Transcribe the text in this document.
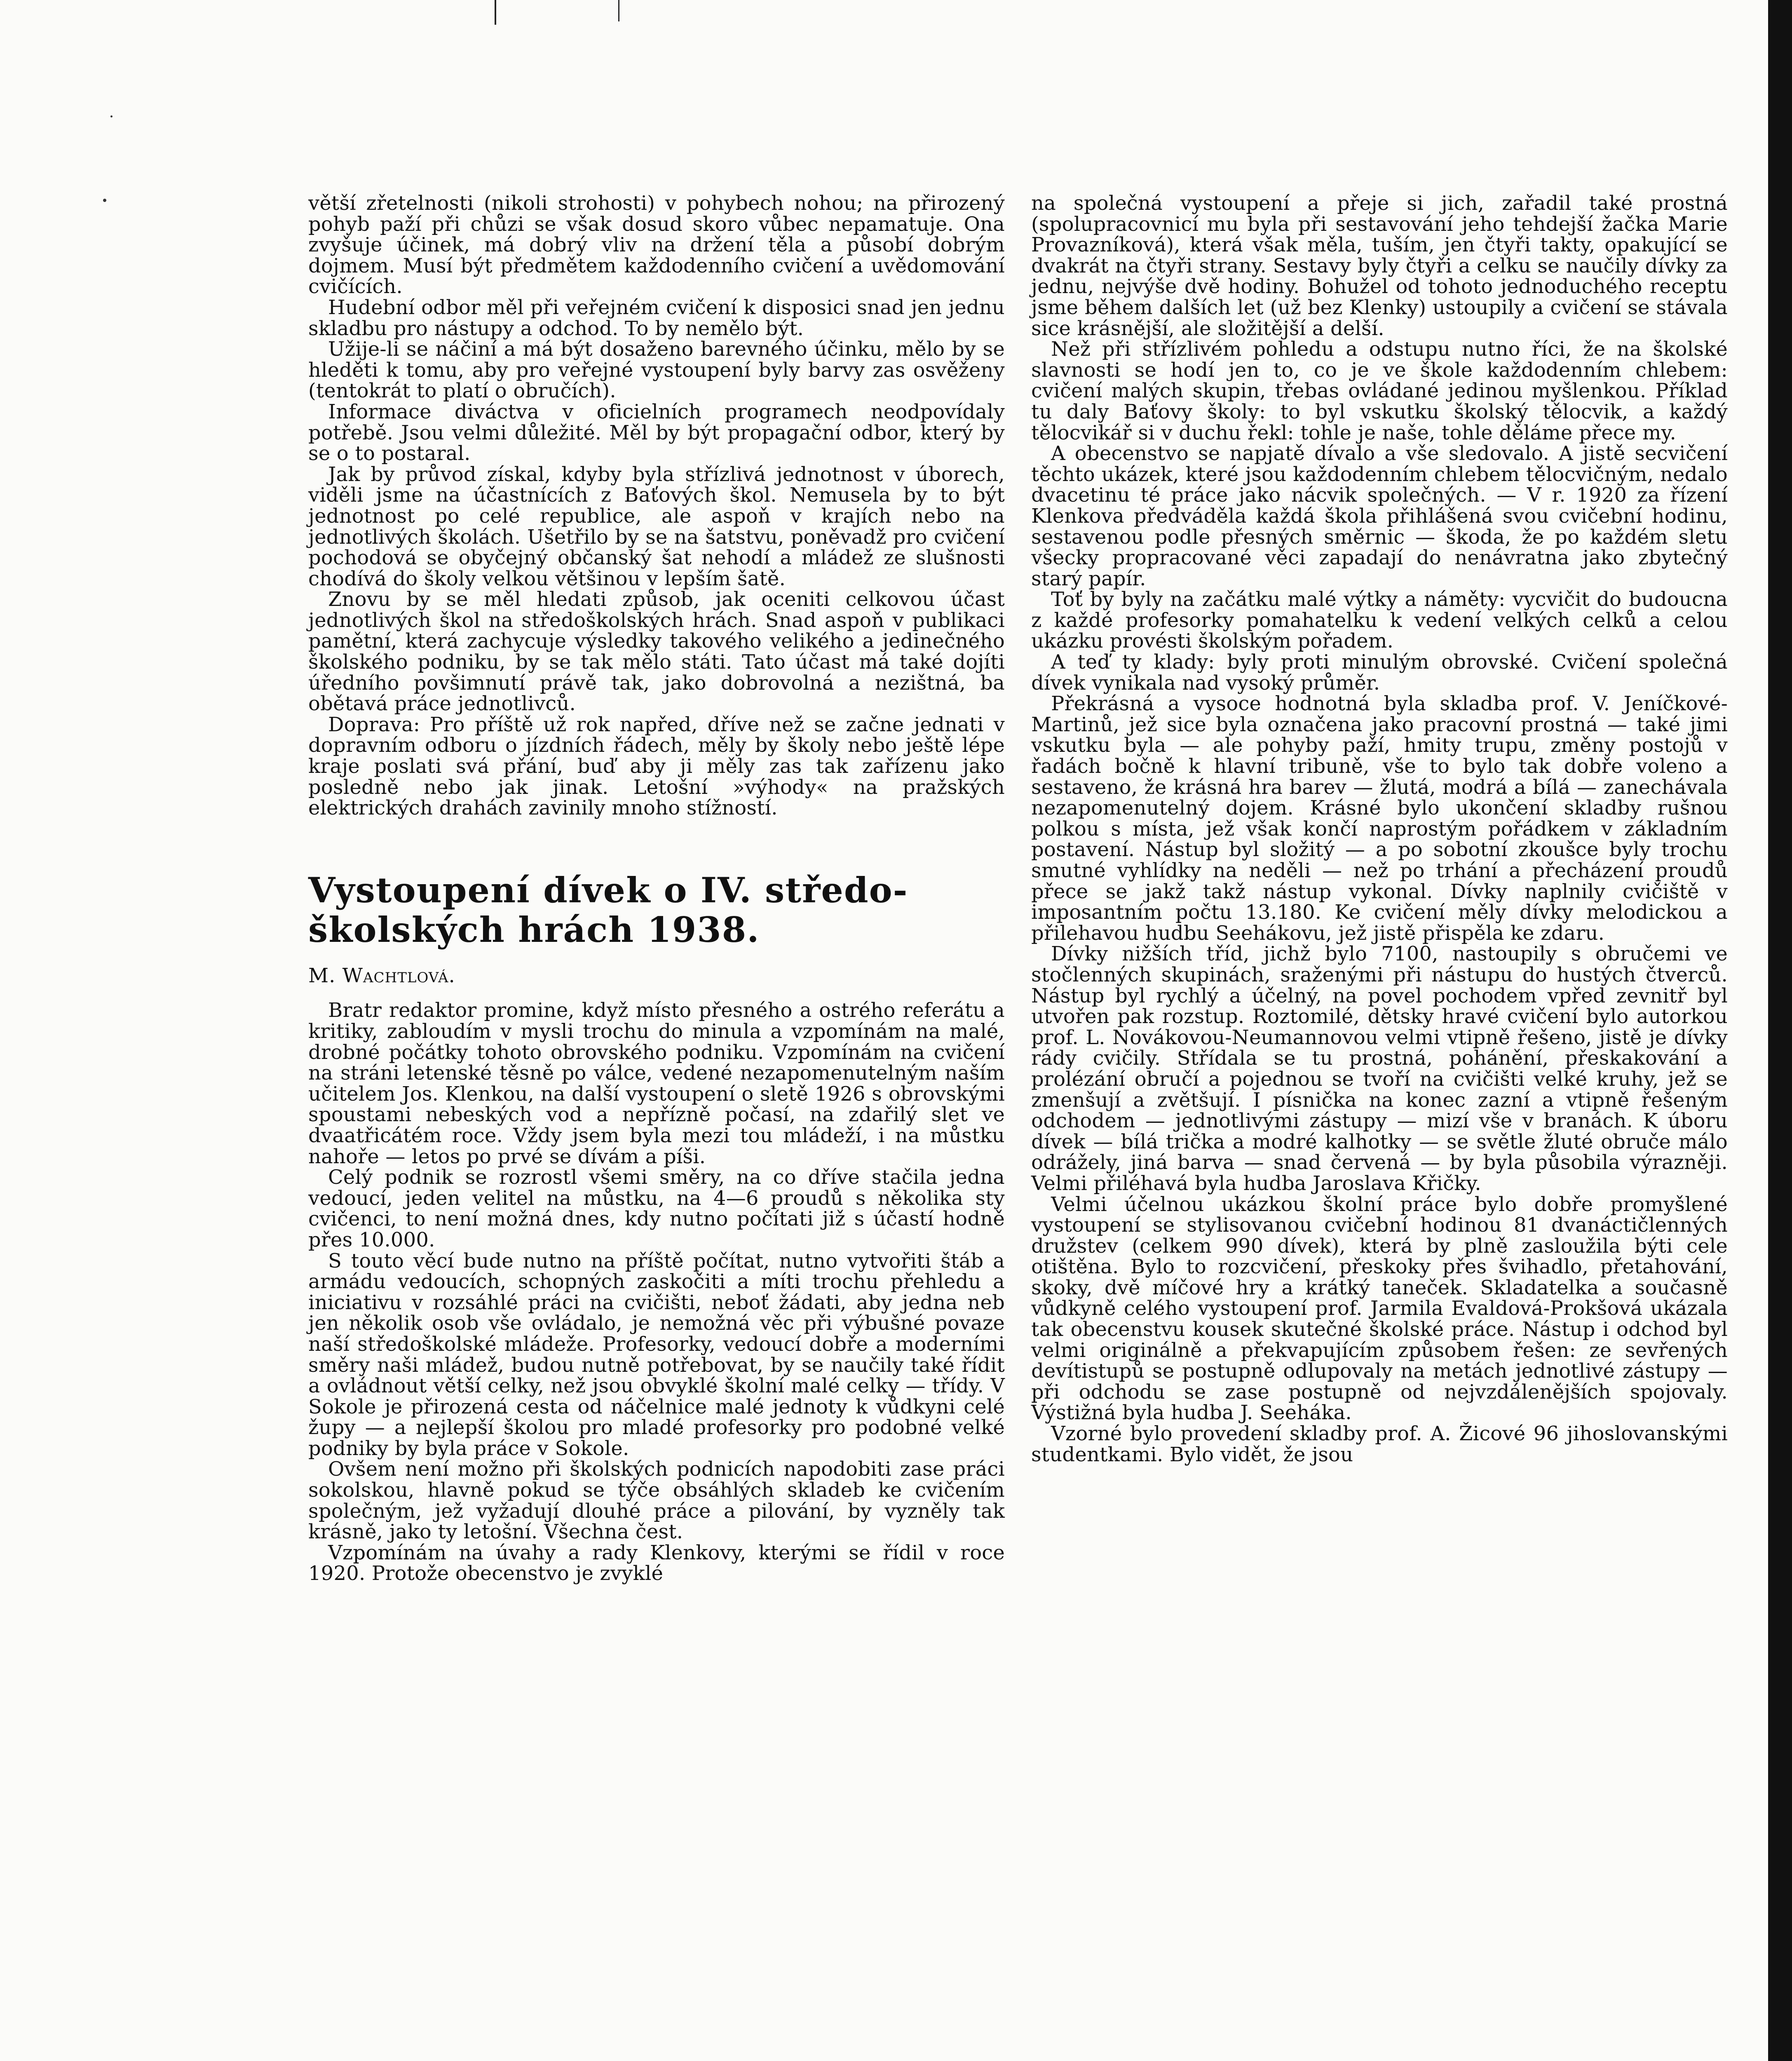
větší zřetelnosti (nikoli strohosti) v pohybech nohou; na přirozený pohyb paží při chůzi se však dosud skoro vůbec nepamatuje. Ona zvyšuje účinek, má dobrý vliv na držení těla a působí dobrým dojmem. Musí být předmětem každodenního cvičení a uvědomování cvičících.

Hudební odbor měl při veřejném cvičení k disposici snad jen jednu skladbu pro nástupy a odchod. To by nemělo být.

Užije-li se náčiní a má být dosaženo barevného účinku, mělo by se hleděti k tomu, aby pro veřejné vystoupení byly barvy zas osvěženy (tentokrát to platí o obručích).

Informace diváctva v oficielních programech neodpovídaly potřebě. Jsou velmi důležité. Měl by být propagační odbor, který by se o to postaral.

Jak by průvod získal, kdyby byla střízlivá jednotnost v úborech, viděli jsme na účastnících z Baťových škol. Nemusela by to být jednotnost po celé republice, ale aspoň v krajích nebo na jednotlivých školách. Ušetřilo by se na šatstvu, poněvadž pro cvičení pochodová se obyčejný občanský šat nehodí a mládež ze slušnosti chodívá do školy velkou většinou v lepším šatě.

Znovu by se měl hledati způsob, jak oceniti celkovou účast jednotlivých škol na středoškolských hrách. Snad aspoň v publikaci pamětní, která zachycuje výsledky takového velikého a jedinečného školského podniku, by se tak mělo státi. Tato účast má také dojíti úředního povšimnutí právě tak, jako dobrovolná a nezištná, ba obětavá práce jednotlivců.

Doprava: Pro příště už rok napřed, dříve než se začne jednati v dopravním odboru o jízdních řádech, měly by školy nebo ještě lépe kraje poslati svá přání, buď aby ji měly zas tak zařízenu jako posledně nebo jak jinak. Letošní »výhody« na pražských elektrických drahách zavinily mnoho stížností.

Vystoupení dívek o IV. středo-
školských hrách 1938.
M. Wachtlová.

Bratr redaktor promine, když místo přesného a ostrého referátu a kritiky, zabloudím v mysli trochu do minula a vzpomínám na malé, drobné počátky tohoto obrovského podniku. Vzpomínám na cvičení na stráni letenské těsně po válce, vedené nezapomenutelným naším učitelem Jos. Klenkou, na další vystoupení o sletě 1926 s obrovskými spoustami nebeských vod a nepřízně počasí, na zdařilý slet ve dvaatřicátém roce. Vždy jsem byla mezi tou mládeží, i na můstku nahoře — letos po prvé se dívám a píši.

Celý podnik se rozrostl všemi směry, na co dříve stačila jedna vedoucí, jeden velitel na můstku, na 4—6 proudů s několika sty cvičenci, to není možná dnes, kdy nutno počítati již s účastí hodně přes 10.000.

S touto věcí bude nutno na příště počítat, nutno vytvořiti štáb a armádu vedoucích, schopných zaskočiti a míti trochu přehledu a iniciativu v rozsáhlé práci na cvičišti, neboť žádati, aby jedna neb jen několik osob vše ovládalo, je nemožná věc při výbušné povaze naší středoškolské mládeže. Profesorky, vedoucí dobře a moderními směry naši mládež, budou nutně potřebovat, by se naučily také řídit a ovládnout větší celky, než jsou obvyklé školní malé celky — třídy. V Sokole je přirozená cesta od náčelnice malé jednoty k vůdkyni celé župy — a nejlepší školou pro mladé profesorky pro podobné velké podniky by byla práce v Sokole.

Ovšem není možno při školských podnicích napodobiti zase práci sokolskou, hlavně pokud se týče obsáhlých skladeb ke cvičením společným, jež vyžadují dlouhé práce a pilování, by vyzněly tak krásně, jako ty letošní. Všechna čest.

Vzpomínám na úvahy a rady Klenkovy, kterými se řídil v roce 1920. Protože obecenstvo je zvyklé

na společná vystoupení a přeje si jich, zařadil také prostná (spolupracovnicí mu byla při sestavování jeho tehdejší žačka Marie Provazníková), která však měla, tuším, jen čtyři takty, opakující se dvakrát na čtyři strany. Sestavy byly čtyři a celku se naučily dívky za jednu, nejvýše dvě hodiny. Bohužel od tohoto jednoduchého receptu jsme během dalších let (už bez Klenky) ustoupily a cvičení se stávala sice krásnější, ale složitější a delší.

Než při střízlivém pohledu a odstupu nutno říci, že na školské slavnosti se hodí jen to, co je ve škole každodenním chlebem: cvičení malých skupin, třebas ovládané jedinou myšlenkou. Příklad tu daly Baťovy školy: to byl vskutku školský tělocvik, a každý tělocvikář si v duchu řekl: tohle je naše, tohle děláme přece my.

A obecenstvo se napjatě dívalo a vše sledovalo. A jistě secvičení těchto ukázek, které jsou každodenním chlebem tělocvičným, nedalo dvacetinu té práce jako nácvik společných. — V r. 1920 za řízení Klenkova předváděla každá škola přihlášená svou cvičební hodinu, sestavenou podle přesných směrnic — škoda, že po každém sletu všecky propracované věci zapadají do nenávratna jako zbytečný starý papír.

Toť by byly na začátku malé výtky a náměty: vycvičit do budoucna z každé profesorky pomahatelku k vedení velkých celků a celou ukázku provésti školským pořadem.

A teď ty klady: byly proti minulým obrovské. Cvičení společná dívek vynikala nad vysoký průměr.

Překrásná a vysoce hodnotná byla skladba prof. V. Jeníčkové-Martinů, jež sice byla označena jako pracovní prostná — také jimi vskutku byla — ale pohyby paží, hmity trupu, změny postojů v řadách bočně k hlavní tribuně, vše to bylo tak dobře voleno a sestaveno, že krásná hra barev — žlutá, modrá a bílá — zanechávala nezapomenutelný dojem. Krásné bylo ukončení skladby rušnou polkou s místa, jež však končí naprostým pořádkem v základním postavení. Nástup byl složitý — a po sobotní zkoušce byly trochu smutné vyhlídky na neděli — než po trhání a přecházení proudů přece se jakž takž nástup vykonal. Dívky naplnily cvičiště v imposantním počtu 13.180. Ke cvičení měly dívky melodickou a přilehavou hudbu Seehákovu, jež jistě přispěla ke zdaru.

Dívky nižších tříd, jichž bylo 7100, nastoupily s obručemi ve stočlenných skupinách, sraženými při nástupu do hustých čtverců. Nástup byl rychlý a účelný, na povel pochodem vpřed zevnitř byl utvořen pak rozstup. Roztomilé, dětsky hravé cvičení bylo autorkou prof. L. Novákovou-Neumannovou velmi vtipně řešeno, jistě je dívky rády cvičily. Střídala se tu prostná, pohánění, přeskakování a prolézání obručí a pojednou se tvoří na cvičišti velké kruhy, jež se zmenšují a zvětšují. I písnička na konec zazní a vtipně řešeným odchodem — jednotlivými zástupy — mizí vše v branách. K úboru dívek — bílá trička a modré kalhotky — se světle žluté obruče málo odrážely, jiná barva — snad červená — by byla působila výrazněji. Velmi přiléhavá byla hudba Jaroslava Křičky.

Velmi účelnou ukázkou školní práce bylo dobře promyšlené vystoupení se stylisovanou cvičební hodinou 81 dvanáctičlenných družstev (celkem 990 dívek), která by plně zasloužila býti cele otištěna. Bylo to rozcvičení, přeskoky přes švihadlo, přetahování, skoky, dvě míčové hry a krátký taneček. Skladatelka a současně vůdkyně celého vystoupení prof. Jarmila Evaldová-Prokšová ukázala tak obecenstvu kousek skutečné školské práce. Nástup i odchod byl velmi originálně a překvapujícím způsobem řešen: ze sevřených devítistupů se postupně odlupovaly na metách jednotlivé zástupy — při odchodu se zase postupně od nejvzdálenějších spojovaly. Výstižná byla hudba J. Seeháka.

Vzorné bylo provedení skladby prof. A. Žicové 96 jihoslovanskými studentkami. Bylo vidět, že jsou
